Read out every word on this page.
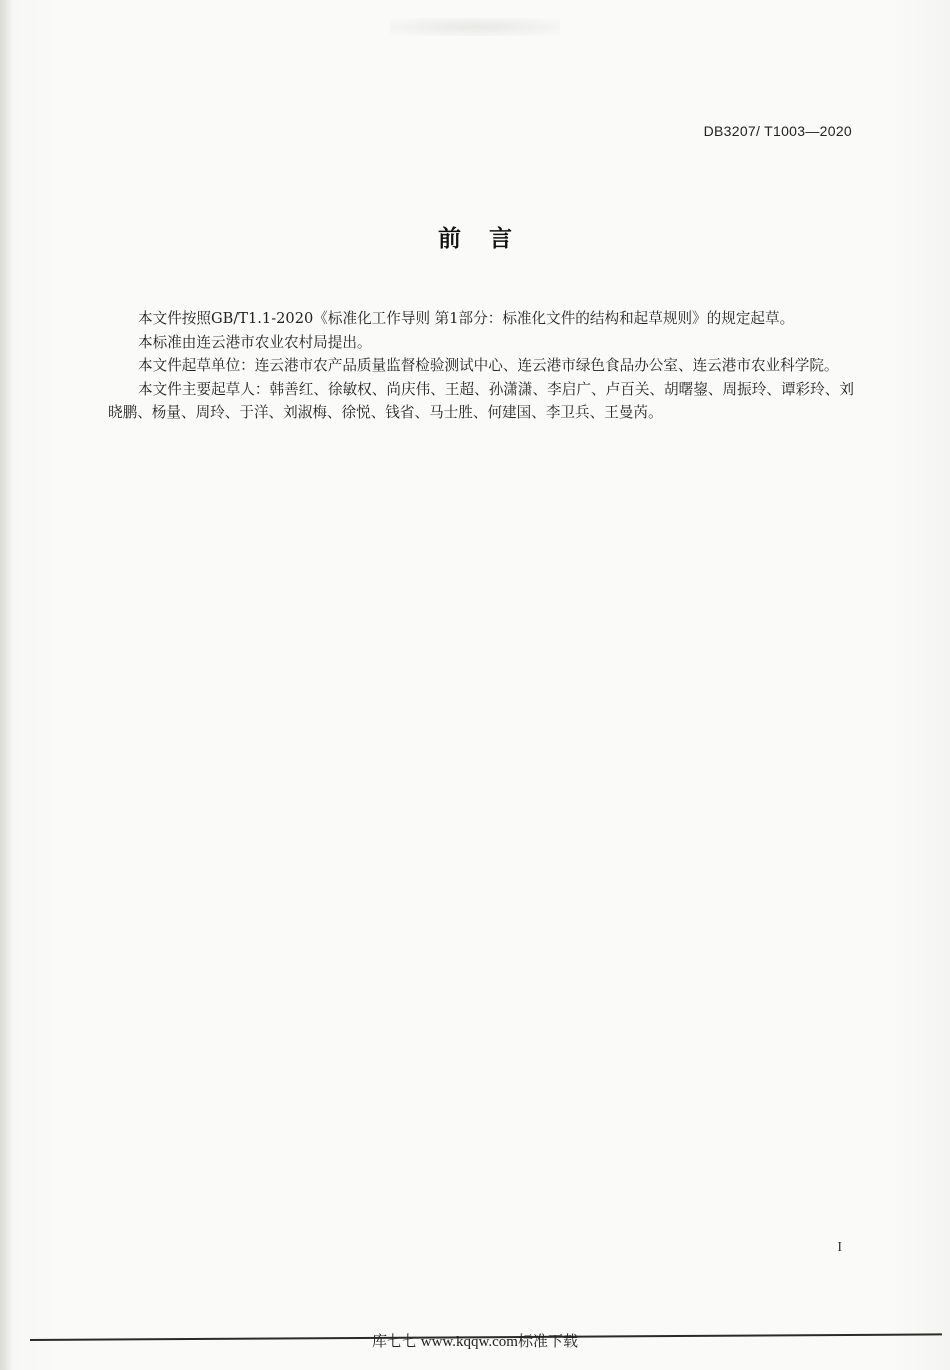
DB3207/ T1003—2020
前言

本文件按照GB/T1.1-2020《标准化工作导则 第1部分：标准化文件的结构和起草规则》的规定起草。

本标准由连云港市农业农村局提出。

本文件起草单位：连云港市农产品质量监督检验测试中心、连云港市绿色食品办公室、连云港市农业科学院。

本文件主要起草人：韩善红、徐敏权、尚庆伟、王超、孙潇潇、李启广、卢百关、胡曙鋆、周振玲、谭彩玲、刘晓鹏、杨量、周玲、于洋、刘淑梅、徐悦、钱省、马士胜、何建国、李卫兵、王曼芮。

I
库七七 www.kqqw.com标准下载
